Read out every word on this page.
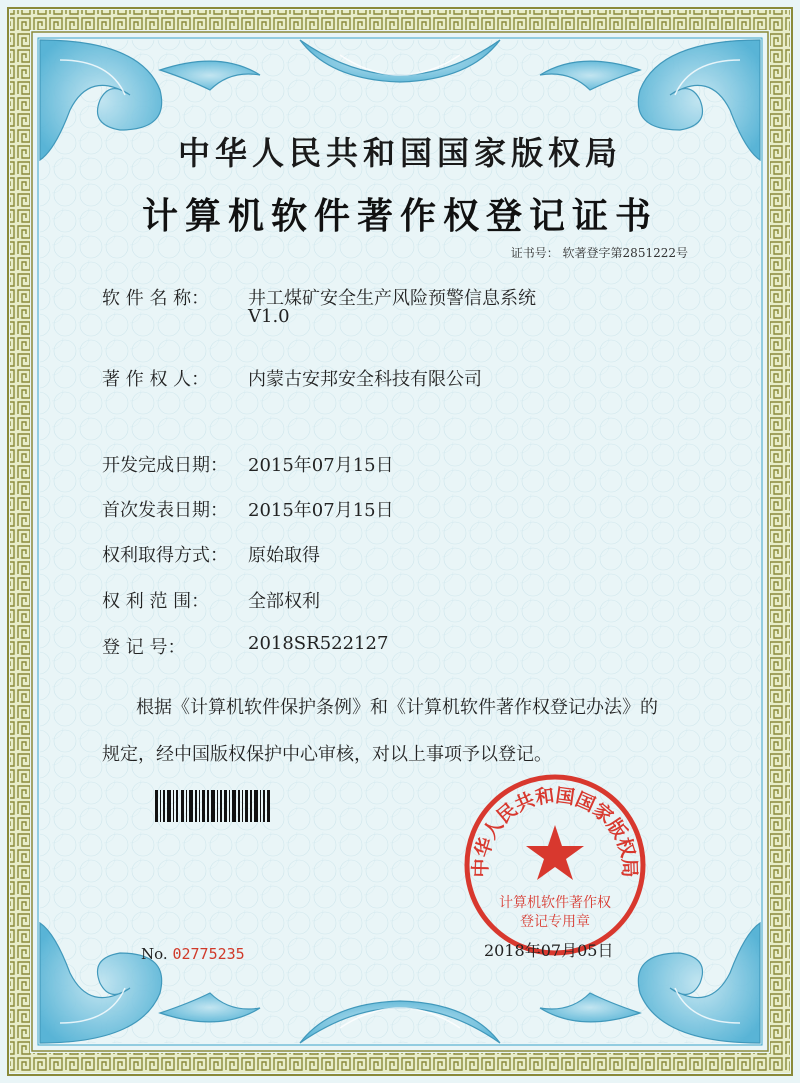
中华人民共和国国家版权局
计算机软件著作权登记证书
证书号： 软著登字第2851222号
软 件 名 称： 井工煤矿安全生产风险预警信息系统
V1.0
著 作 权 人： 内蒙古安邦安全科技有限公司
开发完成日期： 2015年07月15日
首次发表日期： 2015年07月15日
权利取得方式： 原始取得
权 利 范 围： 全部权利
登 记 号：	2018SR522127
根据《计算机软件保护条例》和《计算机软件著作权登记办法》的
规定，经中国版权保护中心审核，对以上事项予以登记。
中华人民共和国国家版权局
计算机软件著作权
登记专用章
No. 02775235	2018年07月05日
